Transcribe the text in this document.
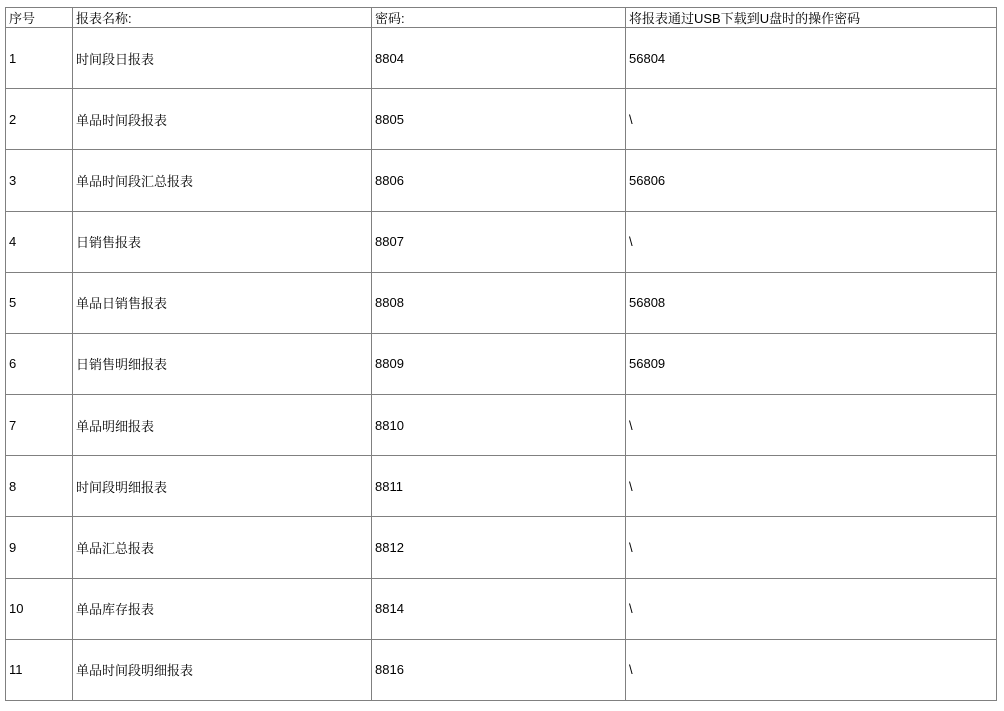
序号	报表名称:	密码:	将报表通过USB下载到U盘时的操作密码
1	时间段日报表	8804	56804
2	单品时间段报表	8805	\
3	单品时间段汇总报表	8806	56806
4	日销售报表	8807	\
5	单品日销售报表	8808	56808
6	日销售明细报表	8809	56809
7	单品明细报表	8810	\
8	时间段明细报表	8811	\
9	单品汇总报表	8812	\
10	单品库存报表	8814	\
11	单品时间段明细报表	8816	\
